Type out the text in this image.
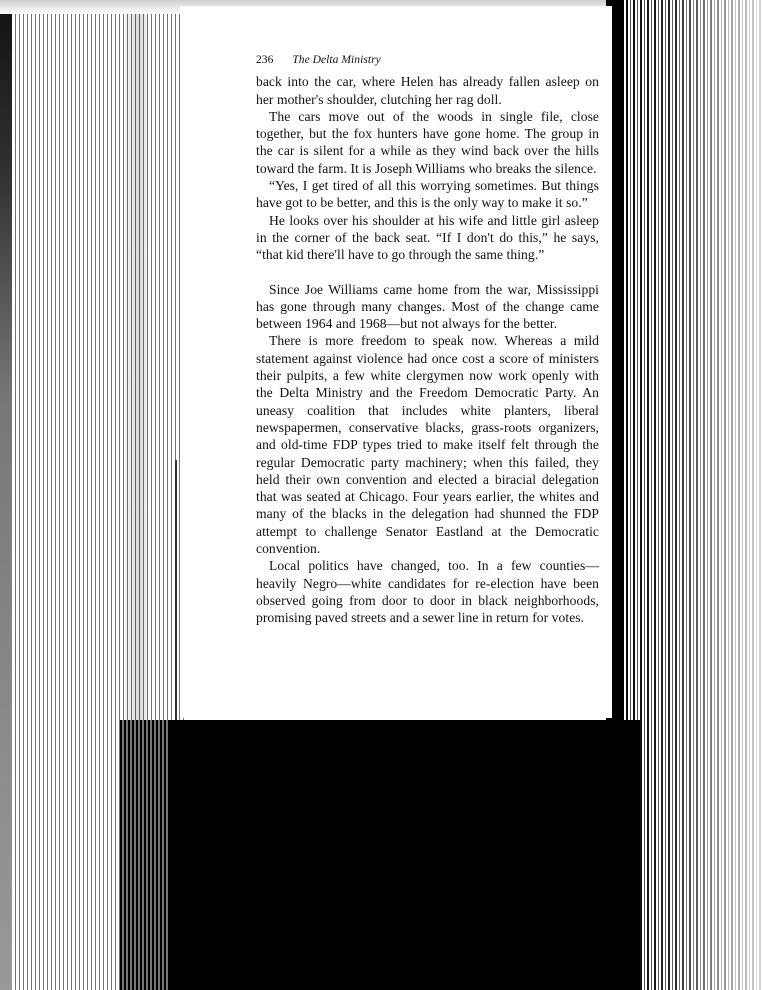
236 The Delta Ministry

back into the car, where Helen has already fallen asleep on her mother's shoulder, clutching her rag doll.

The cars move out of the woods in single file, close together, but the fox hunters have gone home. The group in the car is silent for a while as they wind back over the hills toward the farm. It is Joseph Williams who breaks the silence.

“Yes, I get tired of all this worrying sometimes. But things have got to be better, and this is the only way to make it so.”

He looks over his shoulder at his wife and little girl asleep in the corner of the back seat. “If I don't do this,” he says, “that kid there'll have to go through the same thing.”

Since Joe Williams came home from the war, Mississippi has gone through many changes. Most of the change came between 1964 and 1968—but not always for the better.

There is more freedom to speak now. Whereas a mild statement against violence had once cost a score of ministers their pulpits, a few white clergymen now work openly with the Delta Ministry and the Freedom Democratic Party. An uneasy coalition that includes white planters, liberal newspapermen, conservative blacks, grass-roots organizers, and old-time FDP types tried to make itself felt through the regular Democratic party machinery; when this failed, they held their own convention and elected a biracial delegation that was seated at Chicago. Four years earlier, the whites and many of the blacks in the delegation had shunned the FDP attempt to challenge Senator Eastland at the Democratic convention.

Local politics have changed, too. In a few counties—heavily Negro—white candidates for re-election have been observed going from door to door in black neighborhoods, promising paved streets and a sewer line in return for votes.
